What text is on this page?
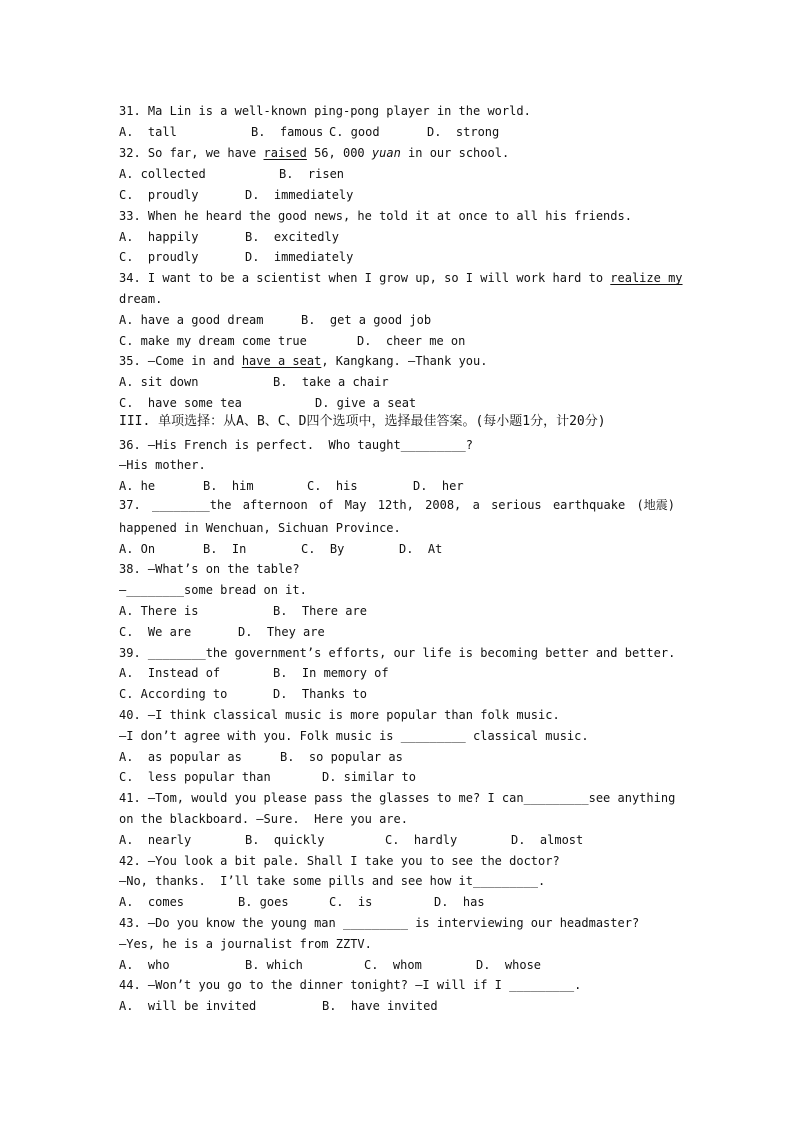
31. Ma Lin is a well-known ping-pong player in the world.

A.  tall

	B.  famous

C. good

	D.  strong

32. So far, we have raised 56, 000 yuan in our school.

A. collected

	B.  risen

C.  proudly

	D.  immediately

33. When he heard the good news, he told it at once to all his friends.

A.  happily

	B.  excitedly

C.  proudly

	D.  immediately

34. I want to be a scientist when I grow up, so I will work hard to realize my

dream.

A. have a good dream

	B.  get a good job

C. make my dream come true

	D.  cheer me on

35. —Come in and have a seat, Kangkang. —Thank you.

A. sit down

	B.  take a chair

C.  have some tea

	D. give a seat

III. 单项选择：从A、B、C、D四个选项中，选择最佳答案。(每小题1分，计20分)

36. —His French is perfect.  Who taught_________?

—His mother.

A. he

	B.  him

	C.  his

	D.  her

37. ________the afternoon of May 12th, 2008, a serious earthquake (地震)

happened in Wenchuan, Sichuan Province.

A. On

	B.  In

	C.  By

	D.  At

38. —What’s on the table?

—________some bread on it.

A. There is

	B.  There are

C.  We are

	D.  They are

39. ________the government’s efforts, our life is becoming better and better.

A.  Instead of

	B.  In memory of

C. According to

	D.  Thanks to

40. —I think classical music is more popular than folk music.

—I don’t agree with you. Folk music is _________ classical music.

A.  as popular as

	B.  so popular as

C.  less popular than

	D. similar to

41. —Tom, would you please pass the glasses to me? I can_________see anything

on the blackboard. —Sure.  Here you are.

A.  nearly

	B.  quickly

	C.  hardly

	D.  almost

42. —You look a bit pale. Shall I take you to see the doctor?

—No, thanks.  I’ll take some pills and see how it_________.

A.  comes

	B. goes

	C.  is

	D.  has

43. —Do you know the young man _________ is interviewing our headmaster?

—Yes, he is a journalist from ZZTV.

A.  who

	B. which

	C.  whom

	D.  whose

44. —Won’t you go to the dinner tonight? —I will if I _________.

A.  will be invited

	B.  have invited
